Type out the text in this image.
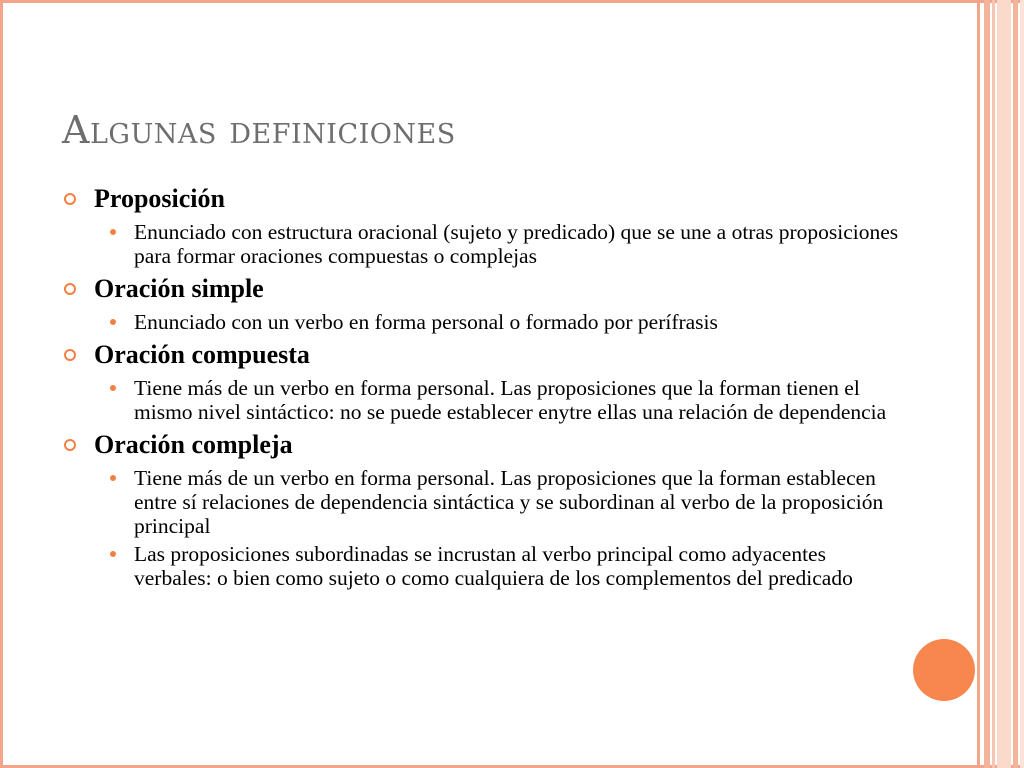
Algunas definiciones
Proposición
Enunciado con estructura oracional (sujeto y predicado) que se une a otras proposiciones para formar oraciones compuestas o complejas
Oración simple
Enunciado con un verbo en forma personal o formado por perífrasis
Oración compuesta
Tiene más de un verbo en forma personal. Las proposiciones que la forman tienen el mismo nivel sintáctico: no se puede establecer enytre ellas una relación de dependencia
Oración compleja
Tiene más de un verbo en forma personal. Las proposiciones que la forman establecen entre sí relaciones de dependencia sintáctica y se subordinan al verbo de la proposición principal
Las proposiciones subordinadas se incrustan al verbo principal como adyacentes verbales: o bien como sujeto o como cualquiera de los complementos del predicado
